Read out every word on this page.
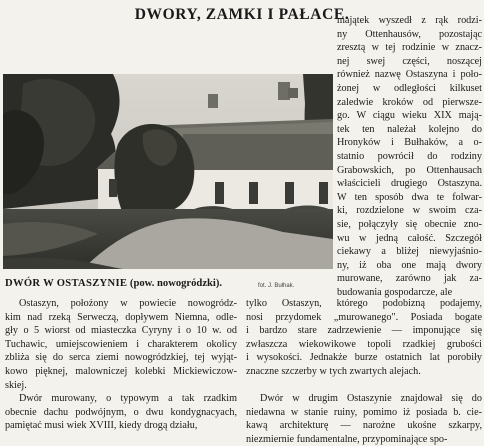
DWORY, ZAMKI I PAŁACE.
DWÓR W OSTASZYNIE (pow. nowogródzki).	fot. J. Bułhak.
majątek wyszedł z rąk rodzi-
ny Ottenhausów, pozostając
zresztą w tej rodzinie w znacz-
nej swej części, noszącej
również nazwę Ostaszyna i poło-
żonej w odległości kilkuset
zaledwie kroków od pierwsze-
go. W ciągu wieku XIX mają-
tek ten należał kolejno do
Hronyków i Bułhaków, a o-
statnio powrócił do rodziny
Grabowskich, po Ottenhausach
właścicieli drugiego Ostaszyna.
W ten sposób dwa te folwar-
ki, rozdzielone w swoim cza-
sie, połączyły się obecnie zno-
wu w jedną całość. Szczegół
ciekawy a bliżej niewyjaśnio-
ny, iż oba one mają dwory
murowane, zarówno jak za-
budowania gospodarcze, ale
Ostaszyn, położony w powiecie nowogródz-
kim nad rzeką Serweczą, dopływem Niemna, odle-
gły o 5 wiorst od miasteczka Cyryny i o 10 w. od
Tuchawic, umiejscowieniem i charakterem okolicy
zbliża się do serca ziemi nowogródzkiej, tej wyjąt-
kowo pięknej, malowniczej kolebki Mickiewiczow-
skiej.
Dwór murowany, o typowym a tak rzadkim
obecnie dachu podwójnym, o dwu kondygnacyach,
pamiętać musi wiek XVIII, kiedy drogą działu,
tylko Ostaszyn, którego podobizną podajemy,
nosi przydomek „murowanego". Posiada bogate
i bardzo stare zadrzewienie — imponujące się
zwłaszcza wiekowikowe topoli rzadkiej grubości
i wysokości. Jednakże burze ostatnich lat porobiły
znaczne szczerby w tych zwartych alejach.
Dwór w drugim Ostaszynie znajdował się do
niedawna w stanie ruiny, pomimo iż posiada b. cie-
kawą architekturę — narożne ukośne szkarpy,
niezmiernie fundamentalne, przypominające spo-
